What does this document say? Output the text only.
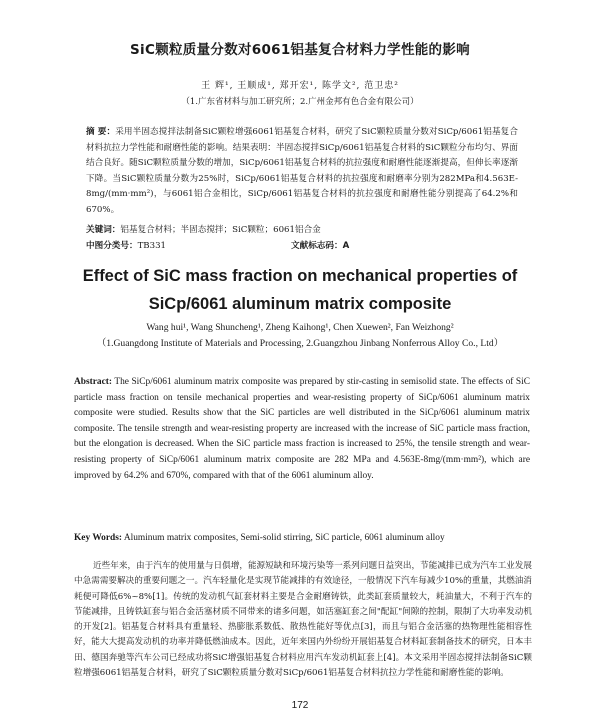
SiC颗粒质量分数对6061铝基复合材料力学性能的影响
王 辉¹, 王顺成¹, 郑开宏¹, 陈学文², 范卫忠²
（1.广东省材料与加工研究所；2.广州金邦有色合金有限公司）
摘 要：采用半固态搅拌法制备SiC颗粒增强6061铝基复合材料，研究了SiC颗粒质量分数对SiCp/6061铝基复合材料抗拉力学性能和耐磨性能的影响。结果表明：半固态搅拌SiCp/6061铝基复合材料的SiC颗粒分布均匀、界面结合良好。随SiC颗粒质量分数的增加，SiCp/6061铝基复合材料的抗拉强度和耐磨性能逐渐提高，但伸长率逐渐下降。当SiC颗粒质量分数为25%时，SiCp/6061铝基复合材料的抗拉强度和耐磨率分别为282MPa和4.563E-8mg/(mm·mm²)，与6061铝合金相比，SiCp/6061铝基复合材料的抗拉强度和耐磨性能分别提高了64.2%和670%。
关键词：铝基复合材料；半固态搅拌；SiC颗粒；6061铝合金
中图分类号：TB331	文献标志码：A
Effect of SiC mass fraction on mechanical properties of
SiCp/6061 aluminum matrix composite
Wang hui¹, Wang Shuncheng¹, Zheng Kaihong¹, Chen Xuewen², Fan Weizhong²
（1.Guangdong Institute of Materials and Processing, 2.Guangzhou Jinbang Nonferrous Alloy Co., Ltd）
Abstract: The SiCp/6061 aluminum matrix composite was prepared by stir-casting in semisolid state. The effects of SiC particle mass fraction on tensile mechanical properties and wear-resisting property of SiCp/6061 aluminum matrix composite were studied. Results show that the SiC particles are well distributed in the SiCp/6061 aluminum matrix composite. The tensile strength and wear-resisting property are increased with the increase of SiC particle mass fraction, but the elongation is decreased. When the SiC particle mass fraction is increased to 25%, the tensile strength and wear-resisting property of SiCp/6061 aluminum matrix composite are 282 MPa and 4.563E-8mg/(mm·mm²), which are improved by 64.2% and 670%, compared with that of the 6061 aluminum alloy.
Key Words: Aluminum matrix composites, Semi-solid stirring, SiC particle, 6061 aluminum alloy
近些年来，由于汽车的使用量与日俱增，能源短缺和环境污染等一系列问题日益突出，节能减排已成为汽车工业发展中急需需要解决的重要问题之一。汽车轻量化是实现节能减排的有效途径，一般情况下汽车每减少10%的重量，其燃油消耗便可降低6%~8%[1]。传统的发动机气缸套材料主要是合金耐磨铸铁，此类缸套质量较大，耗油量大，不利于汽车的节能减排，且铸铁缸套与铝合金活塞材质不同带来的诸多问题，如活塞缸套之间"配缸"间隙的控制，限制了大功率发动机的开发[2]。铝基复合材料具有重量轻、热膨胀系数低、散热性能好等优点[3]，而且与铝合金活塞的热物理性能相容性好，能大大提高发动机的功率并降低燃油成本。因此，近年来国内外纷纷开展铝基复合材料缸套制备技术的研究，日本丰田、德国奔驰等汽车公司已经成功将SiC增强铝基复合材料应用汽车发动机缸套上[4]。本文采用半固态搅拌法制备SiC颗粒增强6061铝基复合材料，研究了SiC颗粒质量分数对SiCp/6061铝基复合材料抗拉力学性能和耐磨性能的影响。
172
